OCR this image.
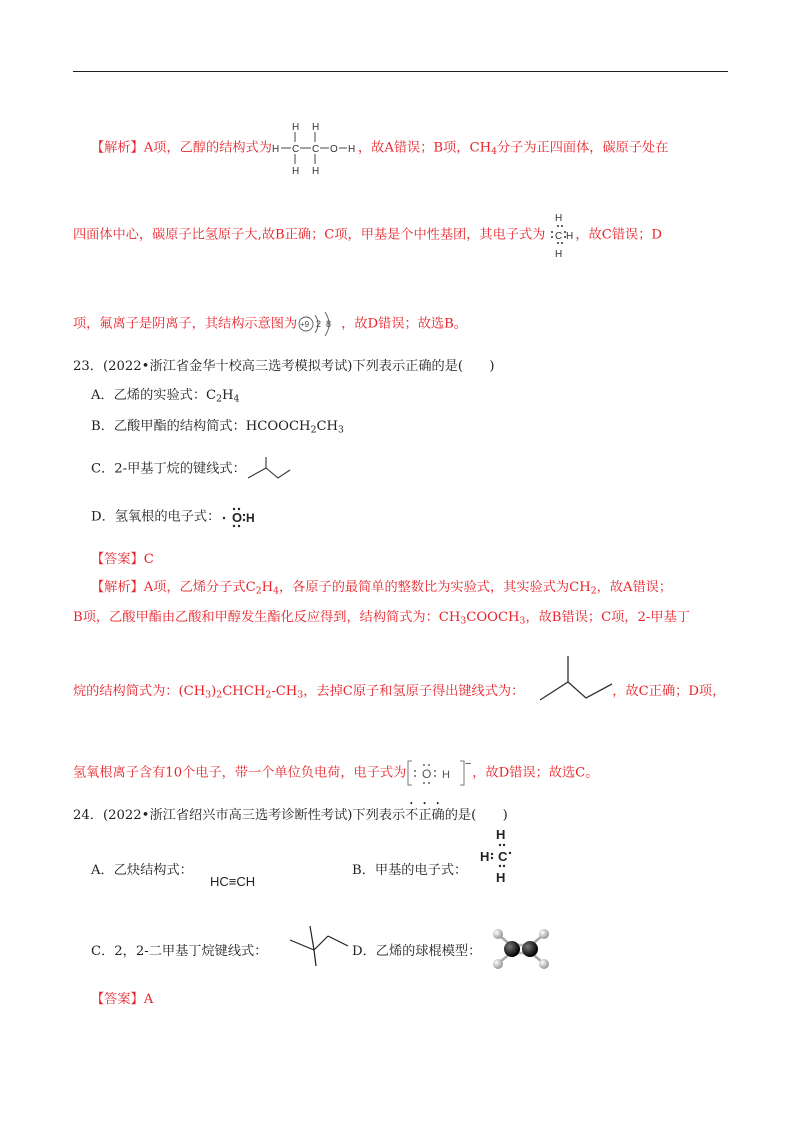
【解析】A项，乙醇的结构式为
H H
H C C O H
H H
，故A错误；B项，$CH_4$分子为正四面体，碳原子处在
四面体中心，碳原子比氢原子大,故B正确；C项，甲基是个中性基团，其电子式为
H
C H
H
，故C错误；D
项，氟离子是阴离子，其结构示意图为 +9 2 8 ，故D错误；故选B。
23．(2022•浙江省金华十校高三选考模拟考试)下列表示正确的是(　　)
A．乙烯的实验式：$C_2H_4$
B．乙酸甲酯的结构简式：$HCOOCH_2CH_3$
C．2-甲基丁烷的键线式：
D．氢氧根的电子式： O H
【答案】C
【解析】A项，乙烯分子式$C_2H_4$，各原子的最简单的整数比为实验式，其实验式为$CH_2$，故A错误；
B项，乙酸甲酯由乙酸和甲醇发生酯化反应得到，结构简式为：$CH_3COOCH_3$，故B错误；C项，2-甲基丁
烷的结构简式为：$(CH_3)_2CHCH_2-CH_3$，去掉C原子和氢原子得出键线式为：	，故C正确；D项，
氢氧根离子含有10个电子，带一个单位负电荷，电子式为 O H
−
，故D错误；故选C。
24．(2022•浙江省绍兴市高三选考诊断性考试)下列表示不正确的是(　　)
A．乙炔结构式：
HC≡CH
B．甲基的电子式：
H
H C
H
C．2，2-二甲基丁烷键线式：	D．乙烯的球棍模型：
【答案】A
